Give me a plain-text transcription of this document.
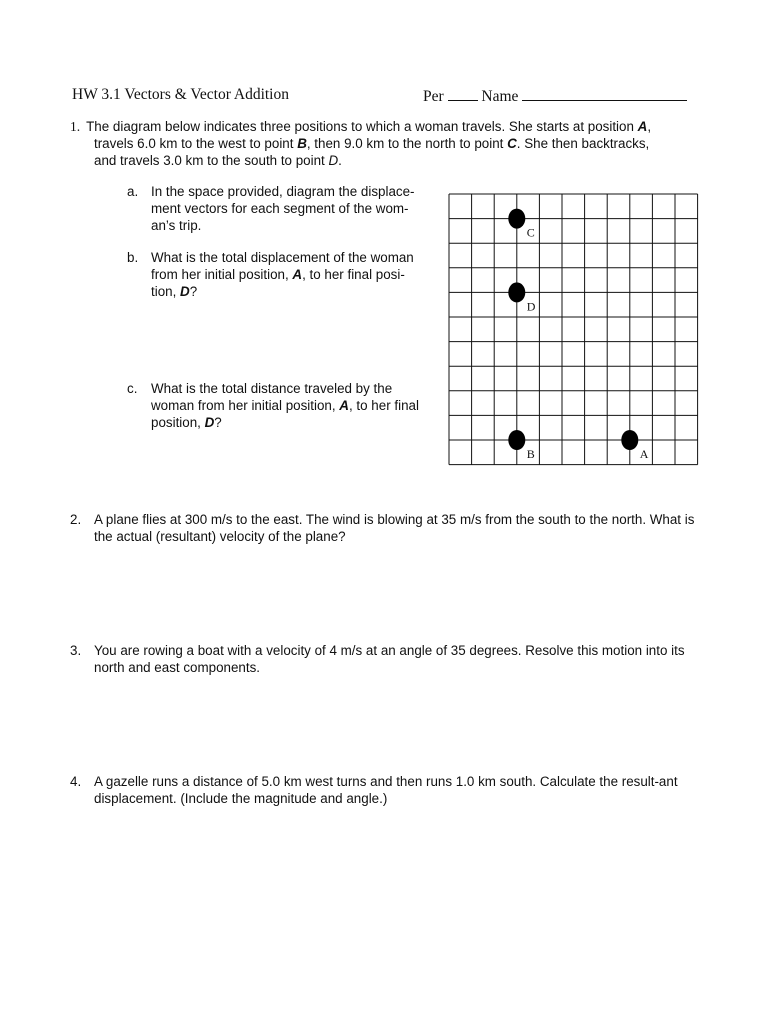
HW 3.1 Vectors & Vector Addition	Per Name
1. The diagram below indicates three positions to which a woman travels. She starts at position A,
travels 6.0 km to the west to point B, then 9.0 km to the north to point C. She then backtracks,
and travels 3.0 km to the south to point D.
a. In the space provided, diagram the displace-ment vectors for each segment of the wom-an’s trip.
b. What is the total displacement of the woman from her initial position, A, to her final posi-tion, D?
c. What is the total distance traveled by the woman from her initial position, A, to her final position, D?
C
D
B	A
2. A plane flies at 300 m/s to the east. The wind is blowing at 35 m/s from the south to the north. What is the actual (resultant) velocity of the plane?
3. You are rowing a boat with a velocity of 4 m/s at an angle of 35 degrees. Resolve this motion into its north and east components.
4. A gazelle runs a distance of 5.0 km west turns and then runs 1.0 km south. Calculate the result-ant displacement. (Include the magnitude and angle.)
